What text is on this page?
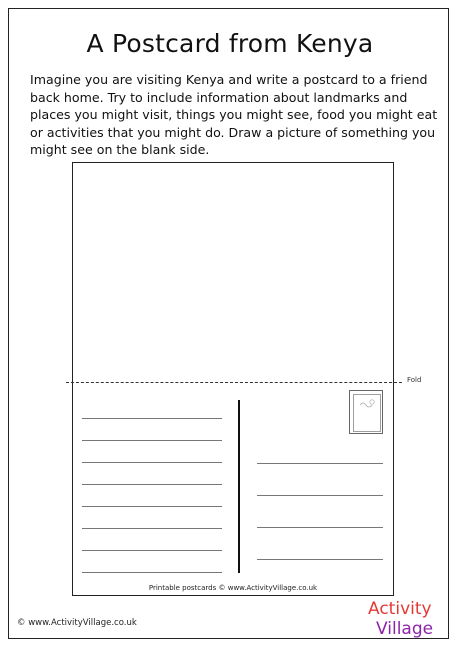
A Postcard from Kenya
Imagine you are visiting Kenya and write a postcard to a friend back home. Try to include information about landmarks and places you might visit, things you might see, food you might eat or activities that you might do. Draw a picture of something you might see on the blank side.
Fold
Printable postcards © www.ActivityVillage.co.uk
© www.ActivityVillage.co.uk
Activity
Village
